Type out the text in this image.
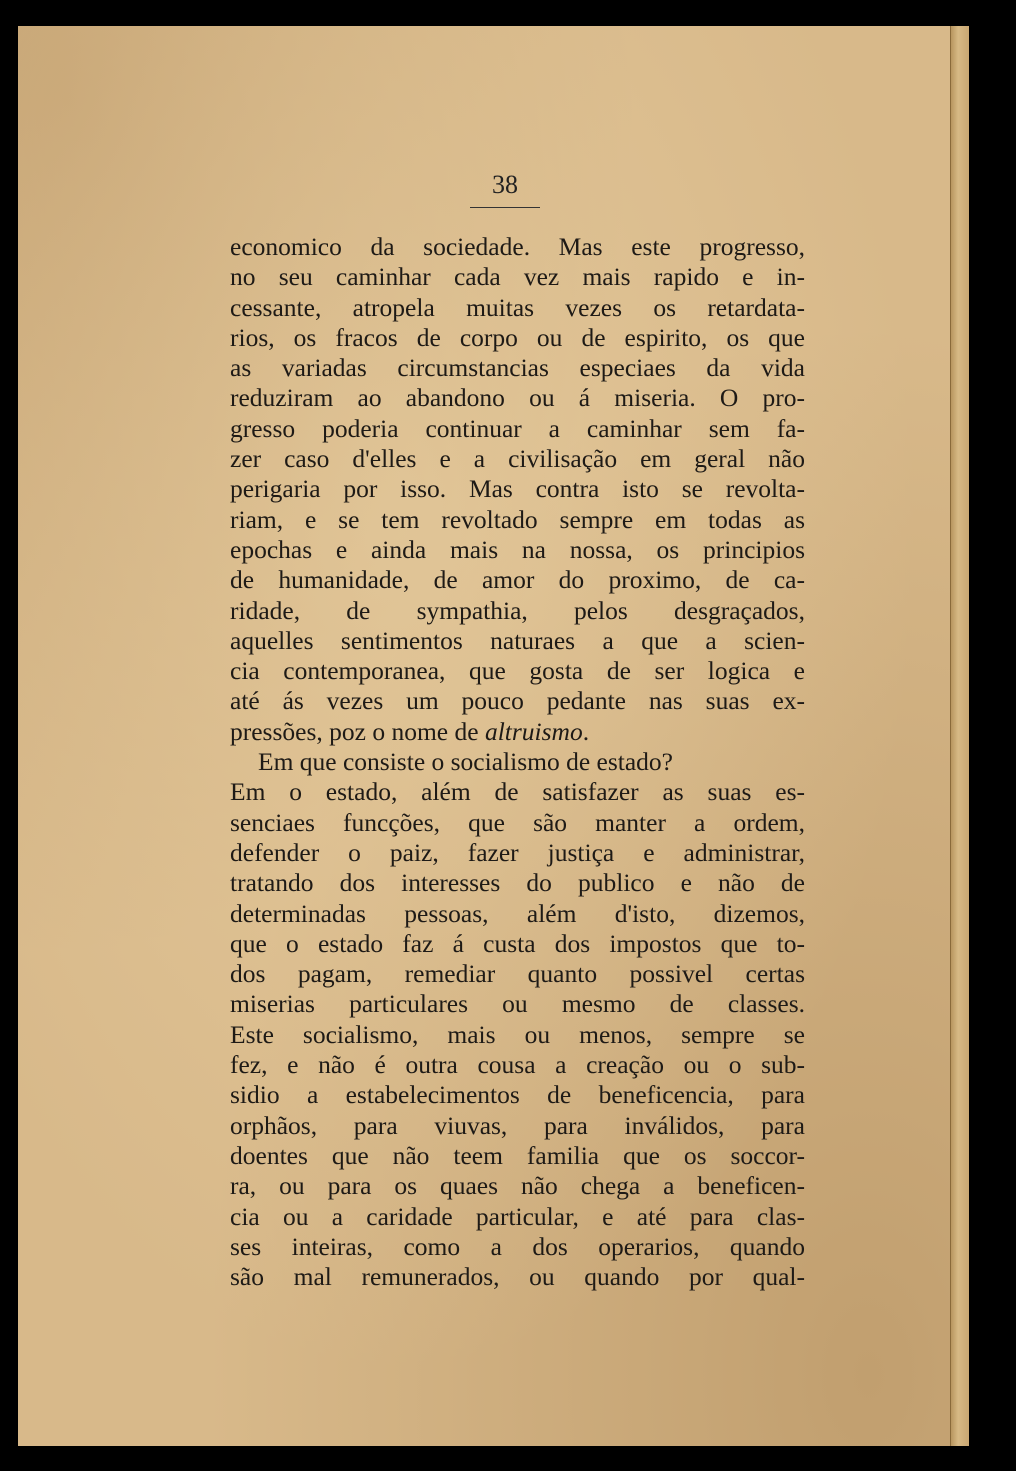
38
economico da sociedade. Mas este progresso,
no seu caminhar cada vez mais rapido e in-
cessante, atropela muitas vezes os retardata-
rios, os fracos de corpo ou de espirito, os que
as variadas circumstancias especiaes da vida
reduziram ao abandono ou á miseria. O pro-
gresso poderia continuar a caminhar sem fa-
zer caso d'elles e a civilisação em geral não
perigaria por isso. Mas contra isto se revolta-
riam, e se tem revoltado sempre em todas as
epochas e ainda mais na nossa, os principios
de humanidade, de amor do proximo, de ca-
ridade, de sympathia, pelos desgraçados,
aquelles sentimentos naturaes a que a scien-
cia contemporanea, que gosta de ser logica e
até ás vezes um pouco pedante nas suas ex-
pressões, poz o nome de altruismo.
Em que consiste o socialismo de estado?
Em o estado, além de satisfazer as suas es-
senciaes funcções, que são manter a ordem,
defender o paiz, fazer justiça e administrar,
tratando dos interesses do publico e não de
determinadas pessoas, além d'isto, dizemos,
que o estado faz á custa dos impostos que to-
dos pagam, remediar quanto possivel certas
miserias particulares ou mesmo de classes.
Este socialismo, mais ou menos, sempre se
fez, e não é outra cousa a creação ou o sub-
sidio a estabelecimentos de beneficencia, para
orphãos, para viuvas, para inválidos, para
doentes que não teem familia que os soccor-
ra, ou para os quaes não chega a beneficen-
cia ou a caridade particular, e até para clas-
ses inteiras, como a dos operarios, quando
são mal remunerados, ou quando por qual-
